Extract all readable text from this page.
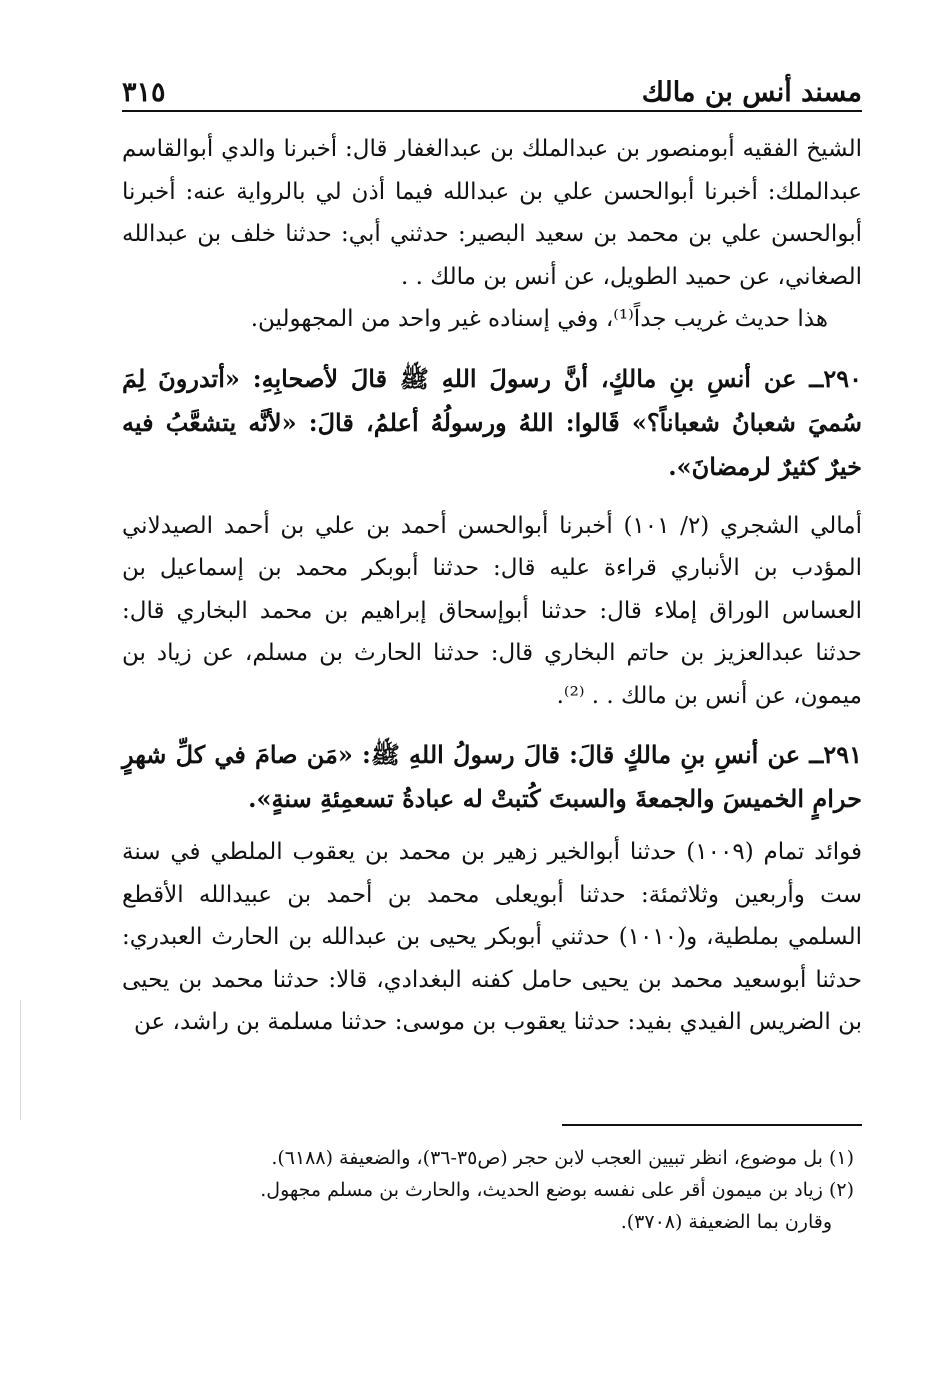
مسند أنس بن مالك
٣١٥

الشيخ الفقيه أبومنصور بن عبدالملك بن عبدالغفار قال: أخبرنا والدي أبوالقاسم عبدالملك: أخبرنا أبوالحسن علي بن عبدالله فيما أذن لي بالرواية عنه: أخبرنا أبوالحسن علي بن محمد بن سعيد البصير: حدثني أبي: حدثنا خلف بن عبدالله الصغاني، عن حميد الطويل، عن أنس بن مالك . .

هذا حديث غريب جداً⁽¹⁾، وفي إسناده غير واحد من المجهولين.

٢٩٠ــ عن أنسِ بنِ مالكٍ، أنَّ رسولَ اللهِ ﷺ قالَ لأصحابِهِ: «أتدرونَ لِمَ سُميَ شعبانُ شعباناً؟» قَالوا: اللهُ ورسولُهُ أعلمُ، قالَ: «لأنَّه يتشعَّبُ فيه خيرٌ كثيرٌ لرمضانَ».

أمالي الشجري (٢/ ١٠١) أخبرنا أبوالحسن أحمد بن علي بن أحمد الصيدلاني المؤدب بن الأنباري قراءة عليه قال: حدثنا أبوبكر محمد بن إسماعيل بن العساس الوراق إملاء قال: حدثنا أبوإسحاق إبراهيم بن محمد البخاري قال: حدثنا عبدالعزيز بن حاتم البخاري قال: حدثنا الحارث بن مسلم، عن زياد بن ميمون، عن أنس بن مالك . . ⁽²⁾.

٢٩١ــ عن أنسِ بنِ مالكٍ قالَ: قالَ رسولُ اللهِ ﷺ: «مَن صامَ في كلِّ شهرٍ حرامٍ الخميسَ والجمعةَ والسبتَ كُتبتْ له عبادةُ تسعمِئةِ سنةٍ».

فوائد تمام (١٠٠٩) حدثنا أبوالخير زهير بن محمد بن يعقوب الملطي في سنة ست وأربعين وثلاثمئة: حدثنا أبويعلى محمد بن أحمد بن عبيدالله الأقطع السلمي بملطية، و(١٠١٠) حدثني أبوبكر يحيى بن عبدالله بن الحارث العبدري: حدثنا أبوسعيد محمد بن يحيى حامل كفنه البغدادي، قالا: حدثنا محمد بن يحيى بن الضريس الفيدي بفيد: حدثنا يعقوب بن موسى: حدثنا مسلمة بن راشد، عن

(١) بل موضوع، انظر تبيين العجب لابن حجر (ص٣٥-٣٦)، والضعيفة (٦١٨٨).

(٢) زياد بن ميمون أقر على نفسه بوضع الحديث، والحارث بن مسلم مجهول.

وقارن بما الضعيفة (٣٧٠٨).
